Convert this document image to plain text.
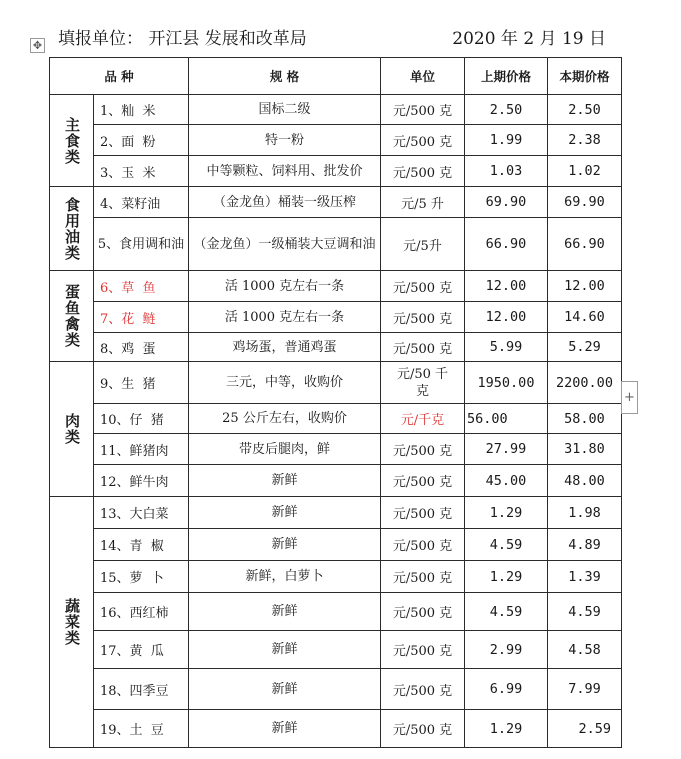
✥ 填报单位： 开江县 发展和改革局	2020 年 2 月 19 日
品 种		规 格	单位	上期价格	本期价格
主食类	1、籼  米	国标二级	元/500 克	2.50	2.50
	2、面  粉	特一粉	元/500 克	1.99	2.38
	3、玉  米	中等颗粒、饲料用、批发价	元/500 克	1.03	1.02
食用油类	4、菜籽油	（金龙鱼）桶装一级压榨	元/5 升	69.90	69.90
	5、食用调和油	（金龙鱼）一级桶装大豆调和油	元/5升	66.90	66.90
蛋鱼禽类	6、草  鱼	活 1000 克左右一条	元/500 克	12.00	12.00
	7、花  鲢	活 1000 克左右一条	元/500 克	12.00	14.60
	8、鸡  蛋	鸡场蛋，普通鸡蛋	元/500 克	5.99	5.29
肉类	9、生  猪	三元，中等，收购价	元/50 千克	1950.00	2200.00
	10、仔  猪	25 公斤左右，收购价	元/千克	56.00	58.00
	11、鲜猪肉	带皮后腿肉，鲜	元/500 克	27.99	31.80
	12、鲜牛肉	新鲜	元/500 克	45.00	48.00
蔬菜类	13、大白菜	新鲜	元/500 克	1.29	1.98
	14、青  椒	新鲜	元/500 克	4.59	4.89
	15、萝  卜	新鲜，白萝卜	元/500 克	1.29	1.39
	16、西红柿	新鲜	元/500 克	4.59	4.59
	17、黄  瓜	新鲜	元/500 克	2.99	4.58
	18、四季豆	新鲜	元/500 克	6.99	7.99
	19、土  豆	新鲜	元/500 克	1.29	2.59
+
